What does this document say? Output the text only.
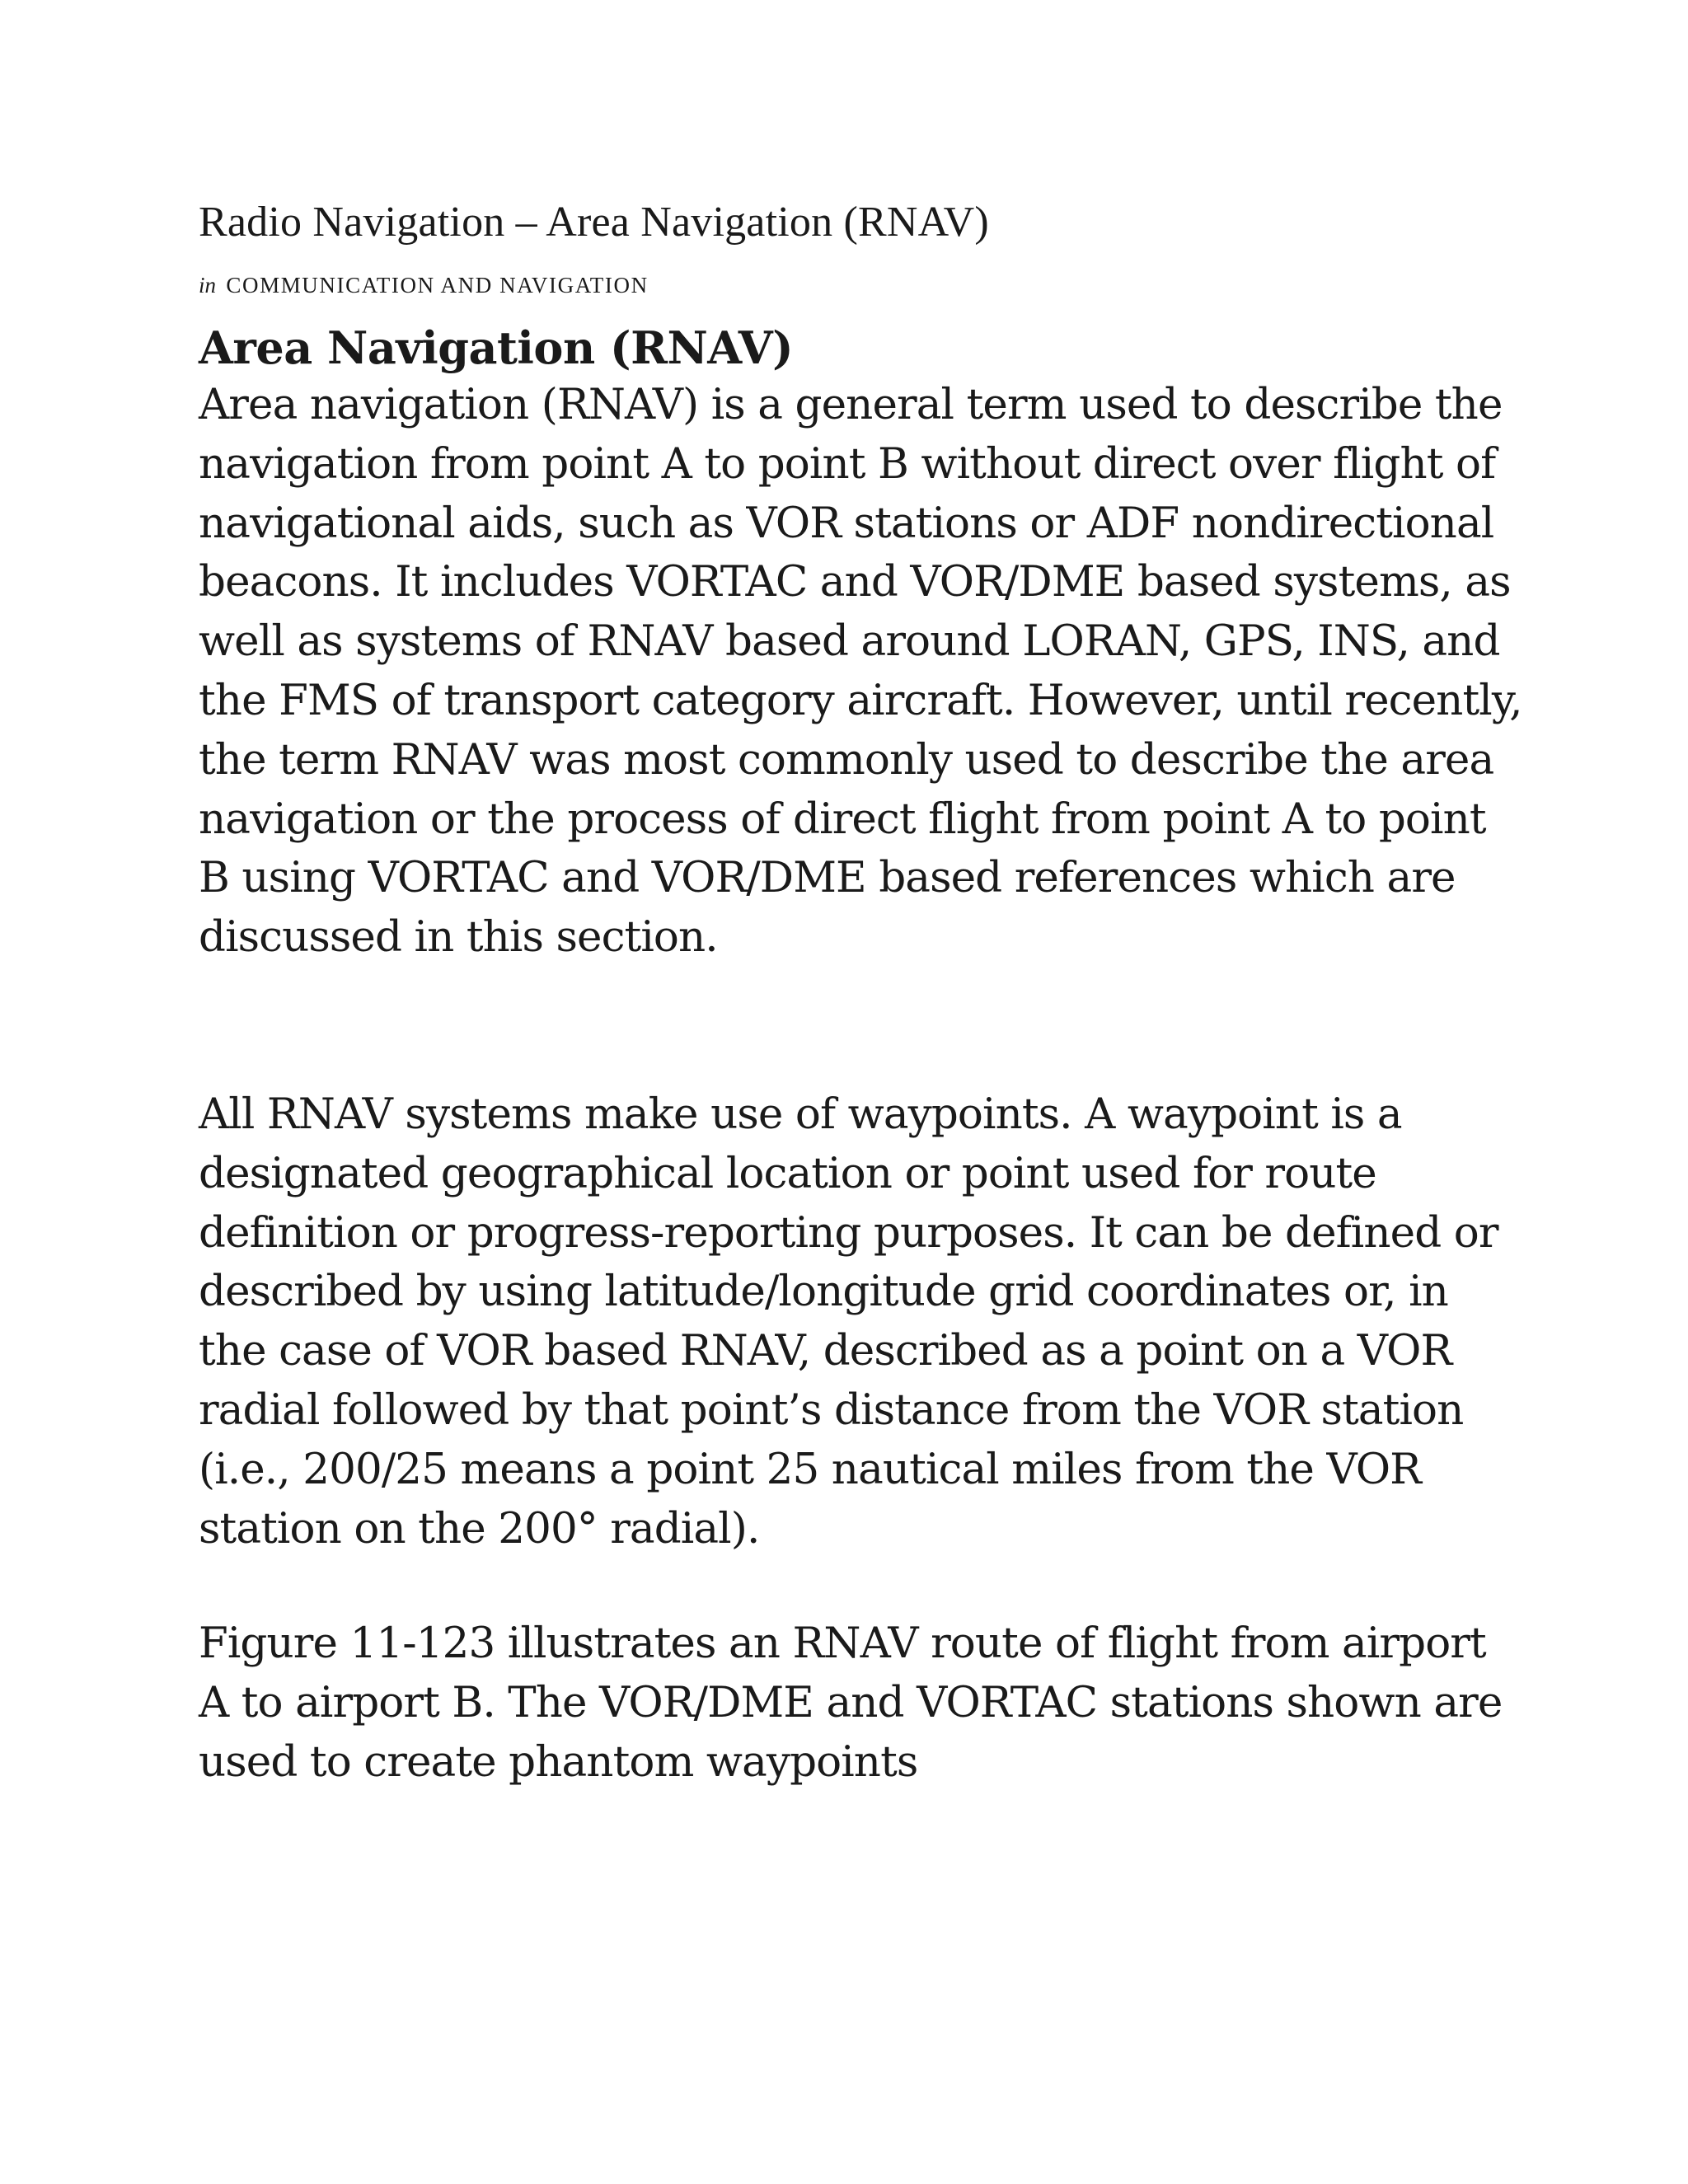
Radio Navigation – Area Navigation (RNAV)
in COMMUNICATION AND NAVIGATION
Area Navigation (RNAV)

Area navigation (RNAV) is a general term used to describe the navigation from point A to point B without direct over flight of navigational aids, such as VOR stations or ADF nondirectional beacons. It includes VORTAC and VOR/DME based systems, as well as systems of RNAV based around LORAN, GPS, INS, and the FMS of transport category aircraft. However, until recently, the term RNAV was most commonly used to describe the area navigation or the process of direct flight from point A to point B using VORTAC and VOR/DME based references which are discussed in this section.

All RNAV systems make use of waypoints. A waypoint is a designated geographical location or point used for route definition or progress-reporting purposes. It can be defined or described by using latitude/longitude grid coordinates or, in the case of VOR based RNAV, described as a point on a VOR radial followed by that point’s distance from the VOR station (i.e., 200/25 means a point 25 nautical miles from the VOR station on the 200° radial).

Figure 11-123 illustrates an RNAV route of flight from airport A to airport B. The VOR/DME and VORTAC stations shown are used to create phantom waypoints
